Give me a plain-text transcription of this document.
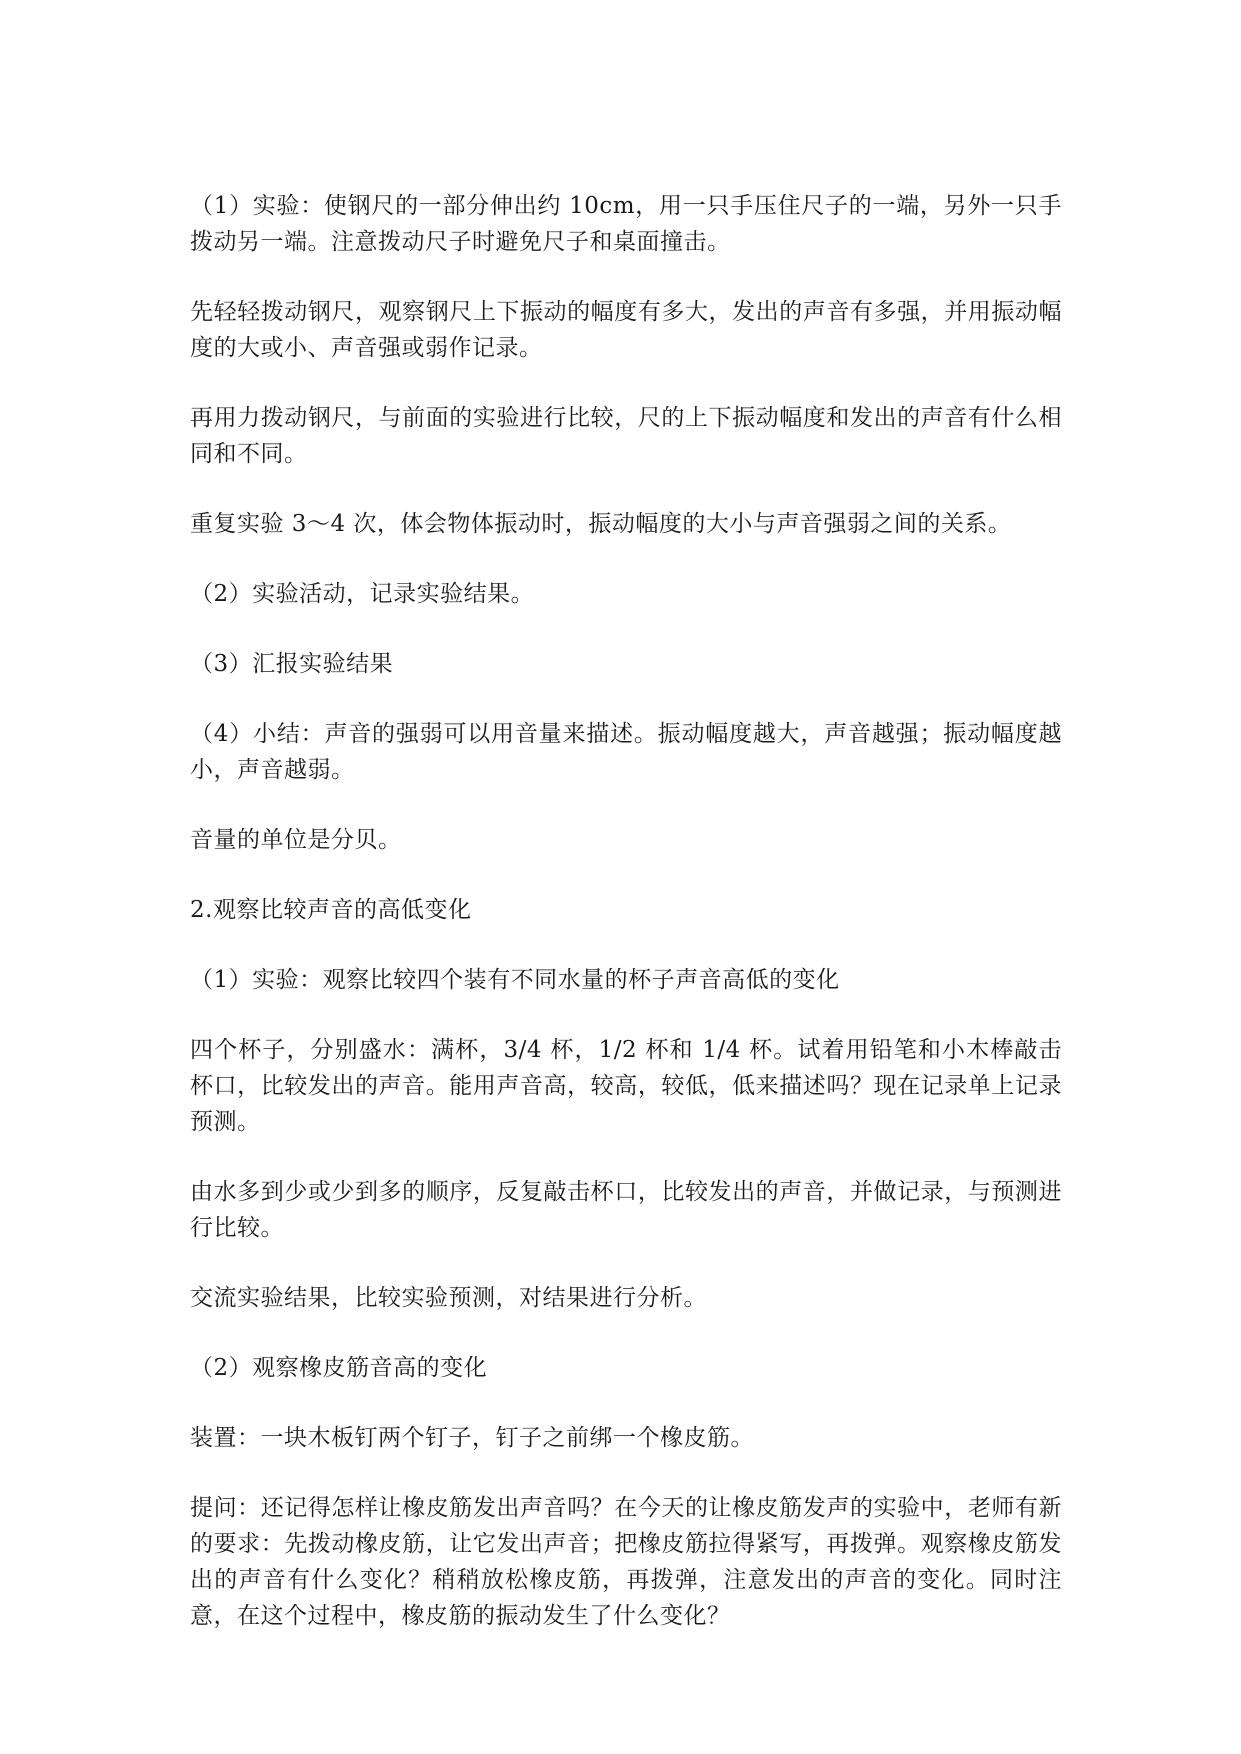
（1）实验：使钢尺的一部分伸出约 10cm，用一只手压住尺子的一端，另外一只手拨动另一端。注意拨动尺子时避免尺子和桌面撞击。

先轻轻拨动钢尺，观察钢尺上下振动的幅度有多大，发出的声音有多强，并用振动幅度的大或小、声音强或弱作记录。

再用力拨动钢尺，与前面的实验进行比较，尺的上下振动幅度和发出的声音有什么相同和不同。

重复实验 3～4 次，体会物体振动时，振动幅度的大小与声音强弱之间的关系。

（2）实验活动，记录实验结果。

（3）汇报实验结果

（4）小结：声音的强弱可以用音量来描述。振动幅度越大，声音越强；振动幅度越小，声音越弱。

音量的单位是分贝。

2.观察比较声音的高低变化

（1）实验：观察比较四个装有不同水量的杯子声音高低的变化

四个杯子，分别盛水：满杯，3/4 杯，1/2 杯和 1/4 杯。试着用铅笔和小木棒敲击杯口，比较发出的声音。能用声音高，较高，较低，低来描述吗？现在记录单上记录预测。

由水多到少或少到多的顺序，反复敲击杯口，比较发出的声音，并做记录，与预测进行比较。

交流实验结果，比较实验预测，对结果进行分析。

（2）观察橡皮筋音高的变化

装置：一块木板钉两个钉子，钉子之前绑一个橡皮筋。

提问：还记得怎样让橡皮筋发出声音吗？在今天的让橡皮筋发声的实验中，老师有新的要求：先拨动橡皮筋，让它发出声音；把橡皮筋拉得紧写，再拨弹。观察橡皮筋发出的声音有什么变化？稍稍放松橡皮筋，再拨弹，注意发出的声音的变化。同时注意，在这个过程中，橡皮筋的振动发生了什么变化？
